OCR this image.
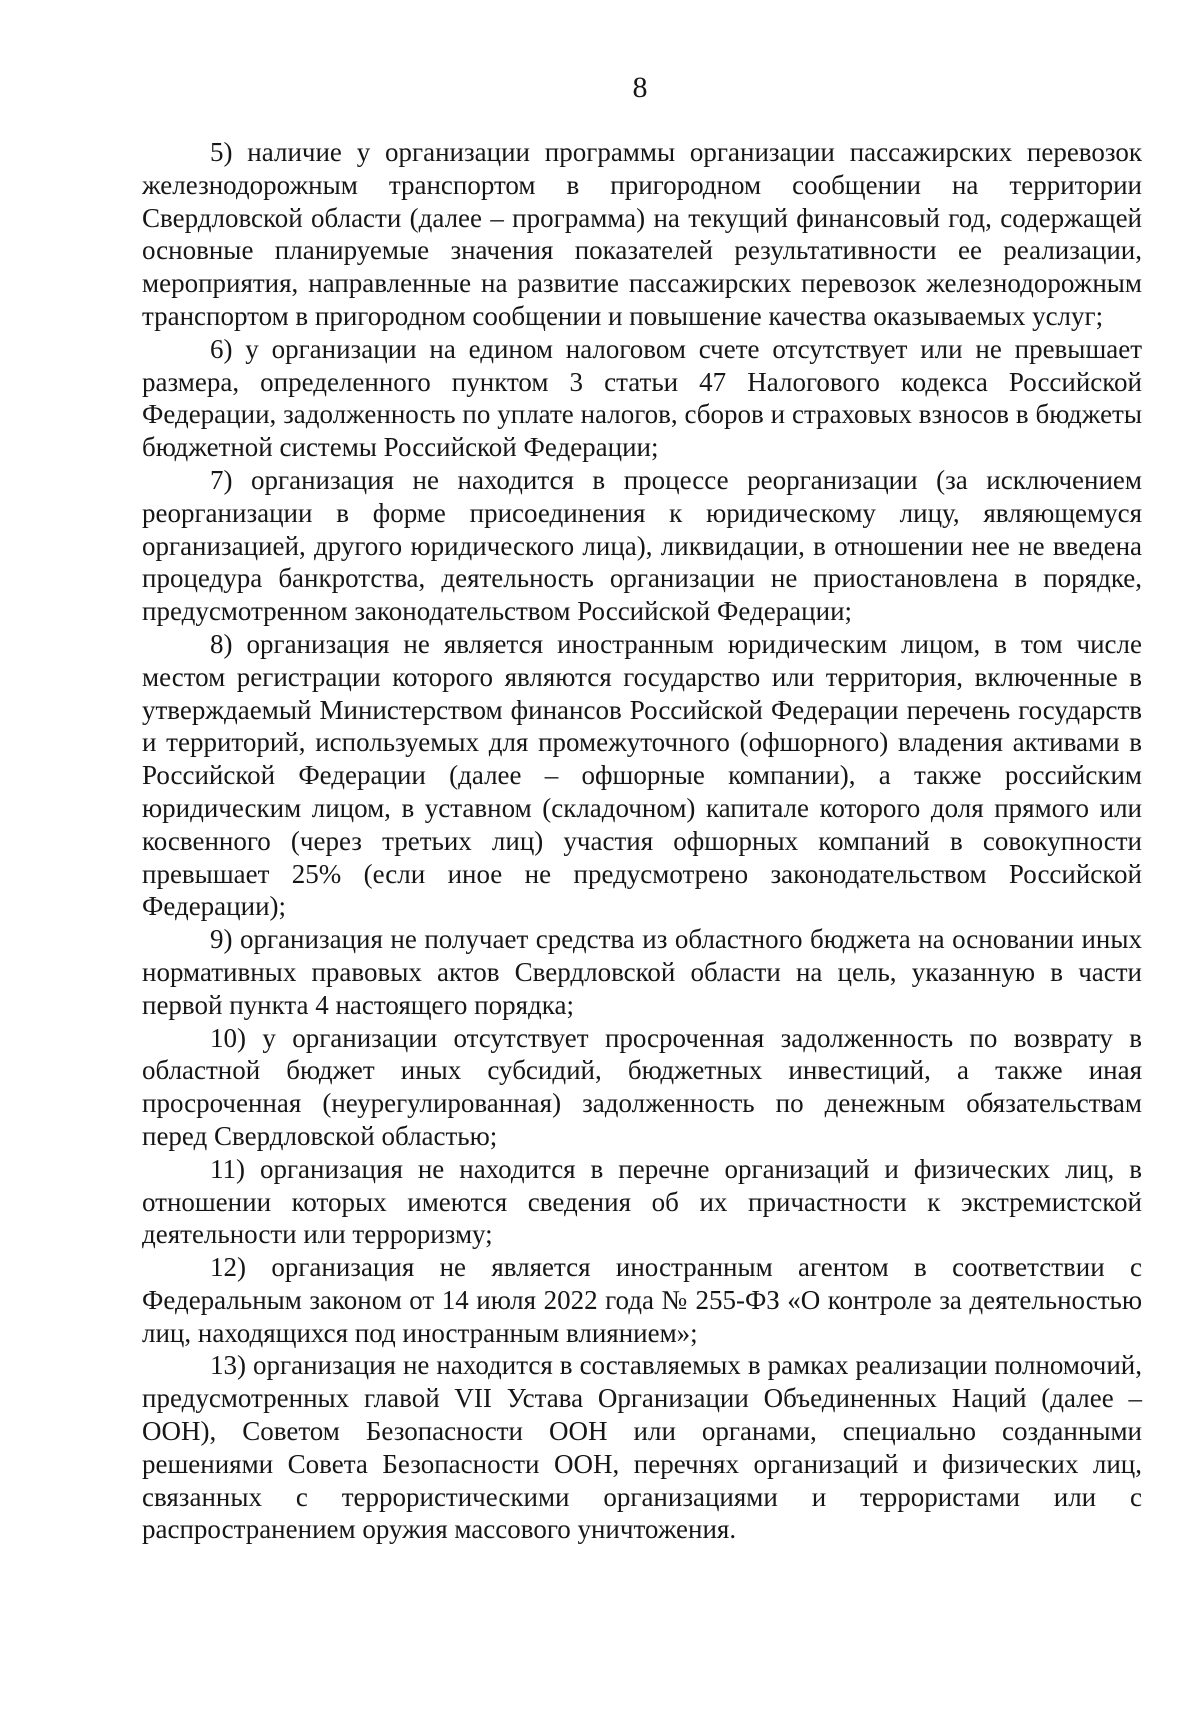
8

5) наличие у организации программы организации пассажирских перевозок железнодорожным транспортом в пригородном сообщении на территории Свердловской области (далее – программа) на текущий финансовый год, содержащей основные планируемые значения показателей результативности ее реализации, мероприятия, направленные на развитие пассажирских перевозок железнодорожным транспортом в пригородном сообщении и повышение качества оказываемых услуг;

6) у организации на едином налоговом счете отсутствует или не превышает размера, определенного пунктом 3 статьи 47 Налогового кодекса Российской Федерации, задолженность по уплате налогов, сборов и страховых взносов в бюджеты бюджетной системы Российской Федерации;

7) организация не находится в процессе реорганизации (за исключением реорганизации в форме присоединения к юридическому лицу, являющемуся организацией, другого юридического лица), ликвидации, в отношении нее не введена процедура банкротства, деятельность организации не приостановлена в порядке, предусмотренном законодательством Российской Федерации;

8) организация не является иностранным юридическим лицом, в том числе местом регистрации которого являются государство или территория, включенные в утверждаемый Министерством финансов Российской Федерации перечень государств и территорий, используемых для промежуточного (офшорного) владения активами в Российской Федерации (далее – офшорные компании), а также российским юридическим лицом, в уставном (складочном) капитале которого доля прямого или косвенного (через третьих лиц) участия офшорных компаний в совокупности превышает 25% (если иное не предусмотрено законодательством Российской Федерации);

9) организация не получает средства из областного бюджета на основании иных нормативных правовых актов Свердловской области на цель, указанную в части первой пункта 4 настоящего порядка;

10) у организации отсутствует просроченная задолженность по возврату в областной бюджет иных субсидий, бюджетных инвестиций, а также иная просроченная (неурегулированная) задолженность по денежным обязательствам перед Свердловской областью;

11) организация не находится в перечне организаций и физических лиц, в отношении которых имеются сведения об их причастности к экстремистской деятельности или терроризму;

12) организация не является иностранным агентом в соответствии с Федеральным законом от 14 июля 2022 года № 255-ФЗ «О контроле за деятельностью лиц, находящихся под иностранным влиянием»;

13) организация не находится в составляемых в рамках реализации полномочий, предусмотренных главой VII Устава Организации Объединенных Наций (далее – ООН), Советом Безопасности ООН или органами, специально созданными решениями Совета Безопасности ООН, перечнях организаций и физических лиц, связанных с террористическими организациями и террористами или с распространением оружия массового уничтожения.
